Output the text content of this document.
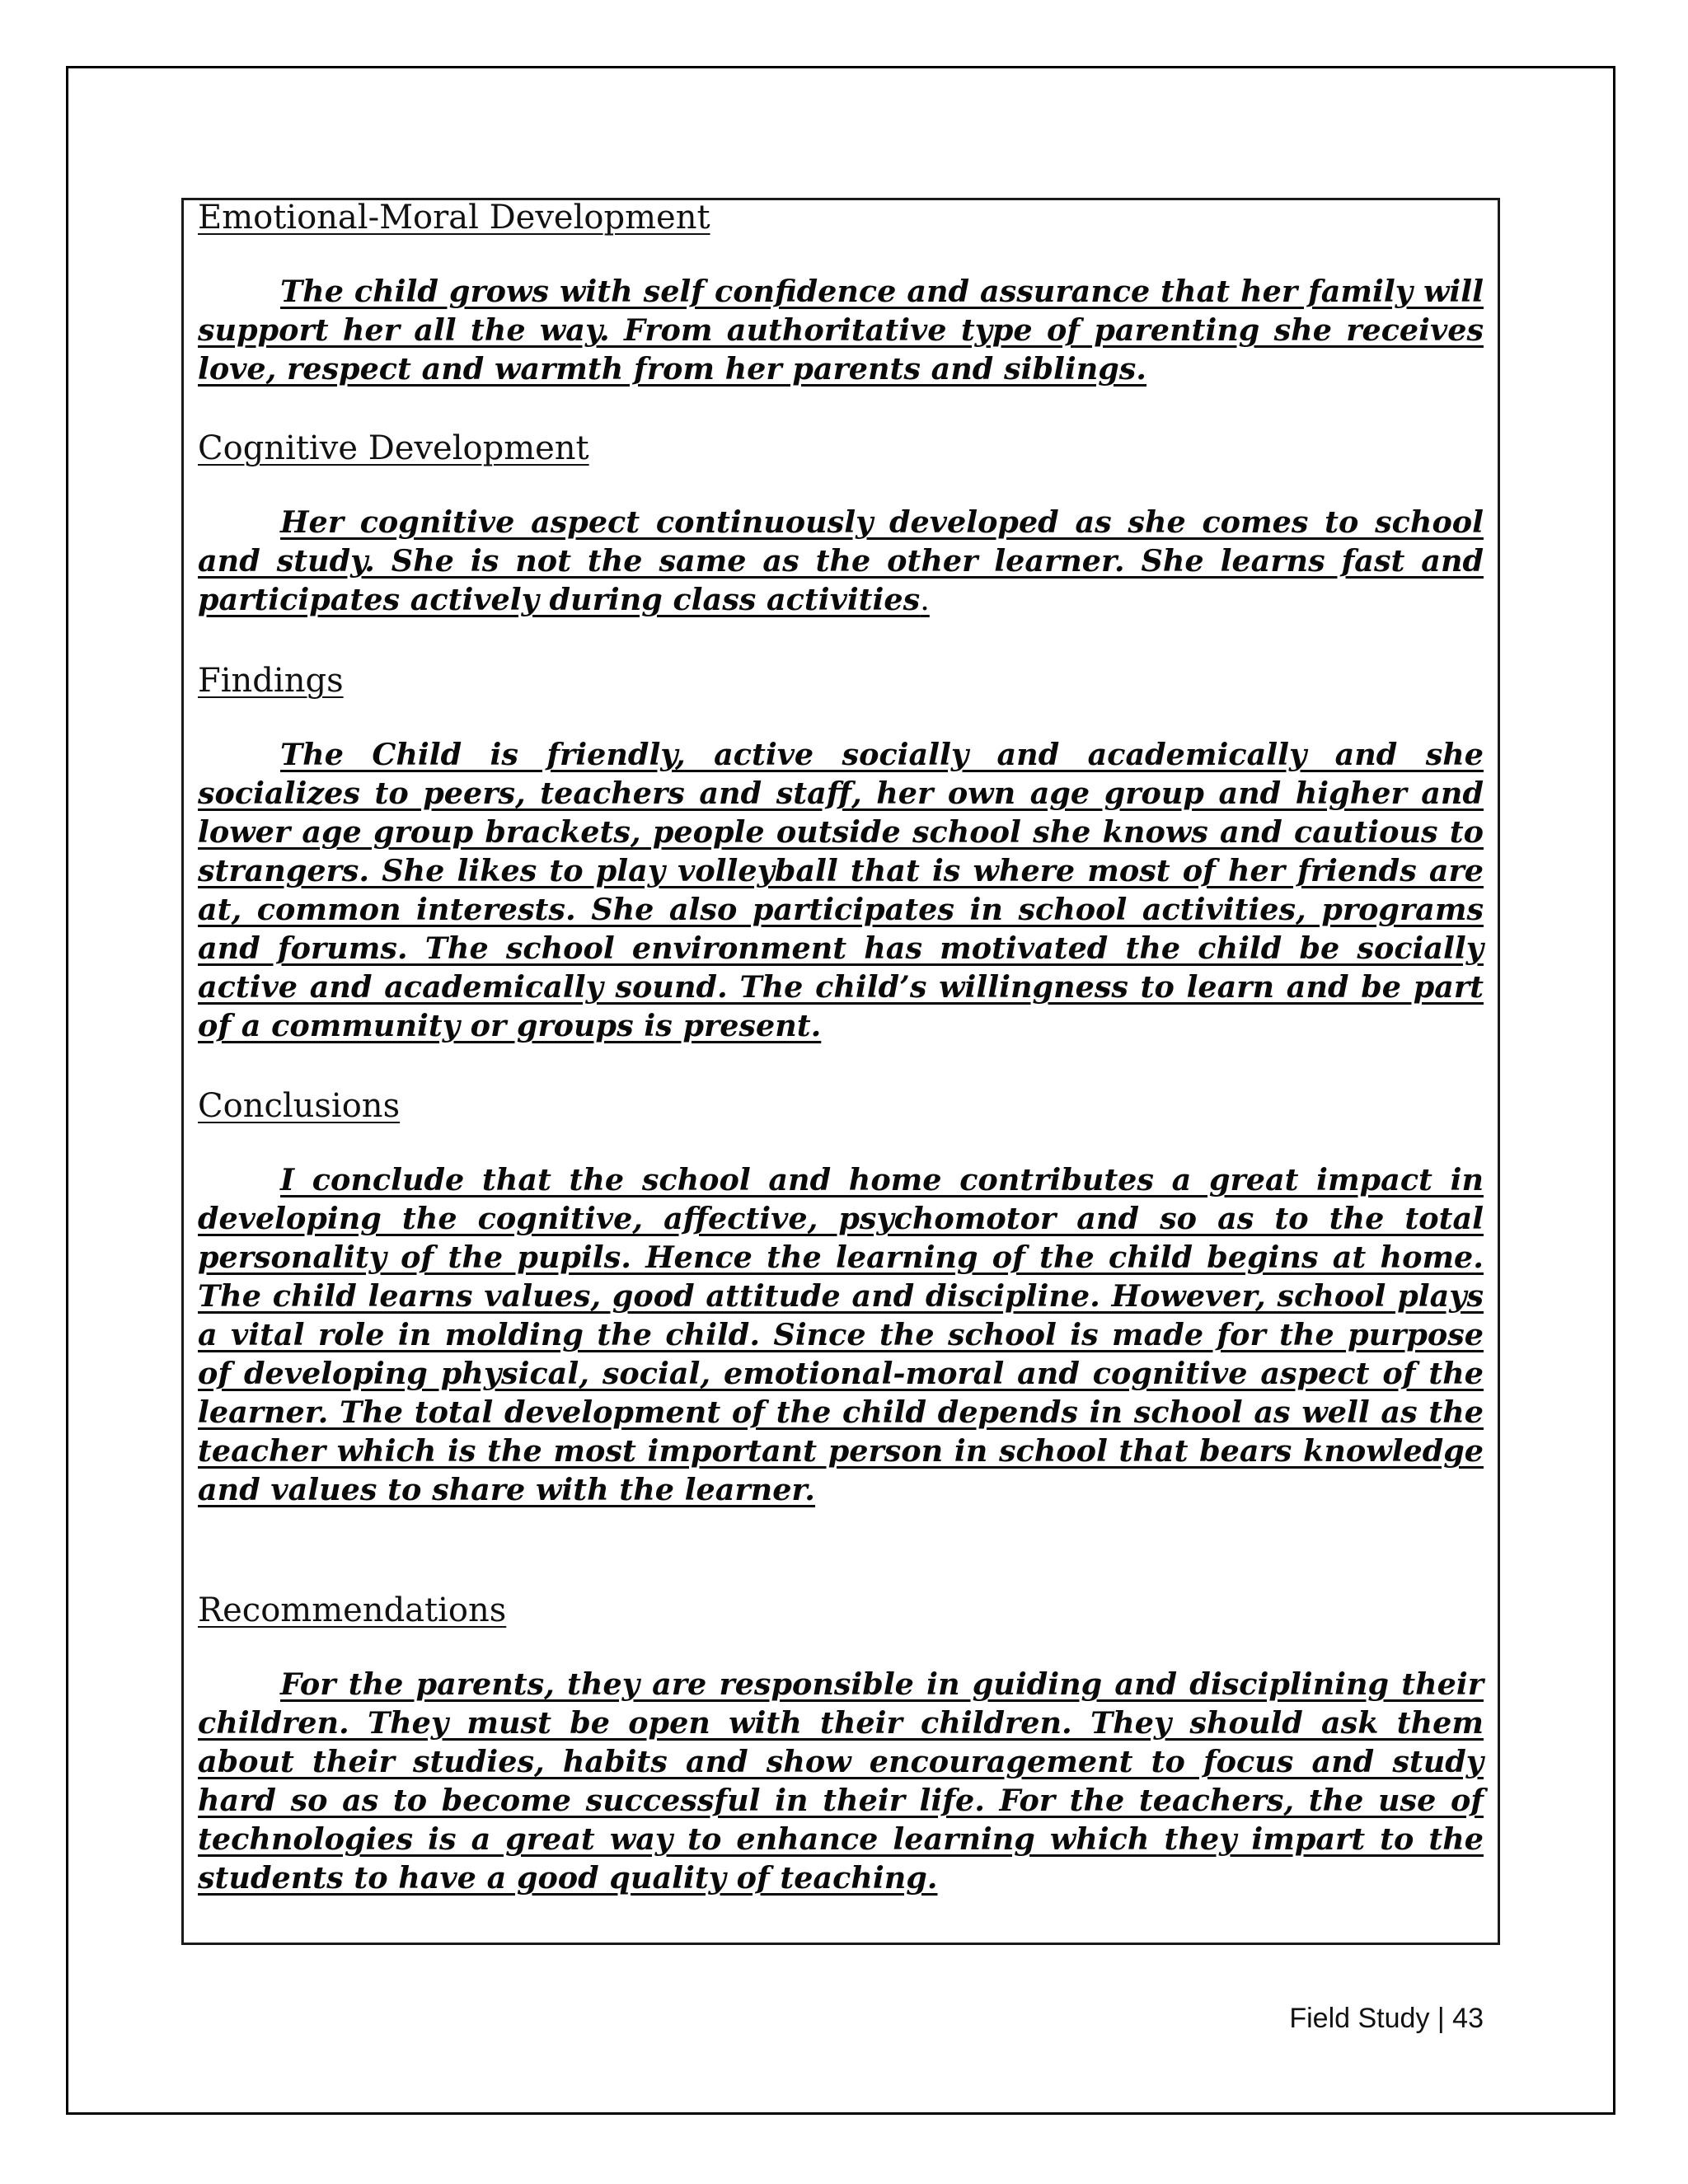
Emotional-Moral Development

The child grows with self confidence and assurance that her family will support her all the way. From authoritative type of parenting she receives love, respect and warmth from her parents and siblings.

Cognitive Development

Her cognitive aspect continuously developed as she comes to school and study. She is not the same as the other learner. She learns fast and participates actively during class activities.

Findings

The Child is friendly, active socially and academically and she socializes to peers, teachers and staff, her own age group and higher and lower age group brackets, people outside school she knows and cautious to strangers. She likes to play volleyball that is where most of her friends are at, common interests. She also participates in school activities, programs and forums. The school environment has motivated the child be socially active and academically sound. The child’s willingness to learn and be part of a community or groups is present.

Conclusions

I conclude that the school and home contributes a great impact in developing the cognitive, affective, psychomotor and so as to the total personality of the pupils. Hence the learning of the child begins at home. The child learns values, good attitude and discipline. However, school plays a vital role in molding the child. Since the school is made for the purpose of developing physical, social, emotional-moral and cognitive aspect of the learner. The total development of the child depends in school as well as the teacher which is the most important person in school that bears knowledge and values to share with the learner.

Recommendations

For the parents, they are responsible in guiding and disciplining their children. They must be open with their children. They should ask them about their studies, habits and show encouragement to focus and study hard so as to become successful in their life. For the teachers, the use of technologies is a great way to enhance learning which they impart to the students to have a good quality of teaching.

Field Study | 43
